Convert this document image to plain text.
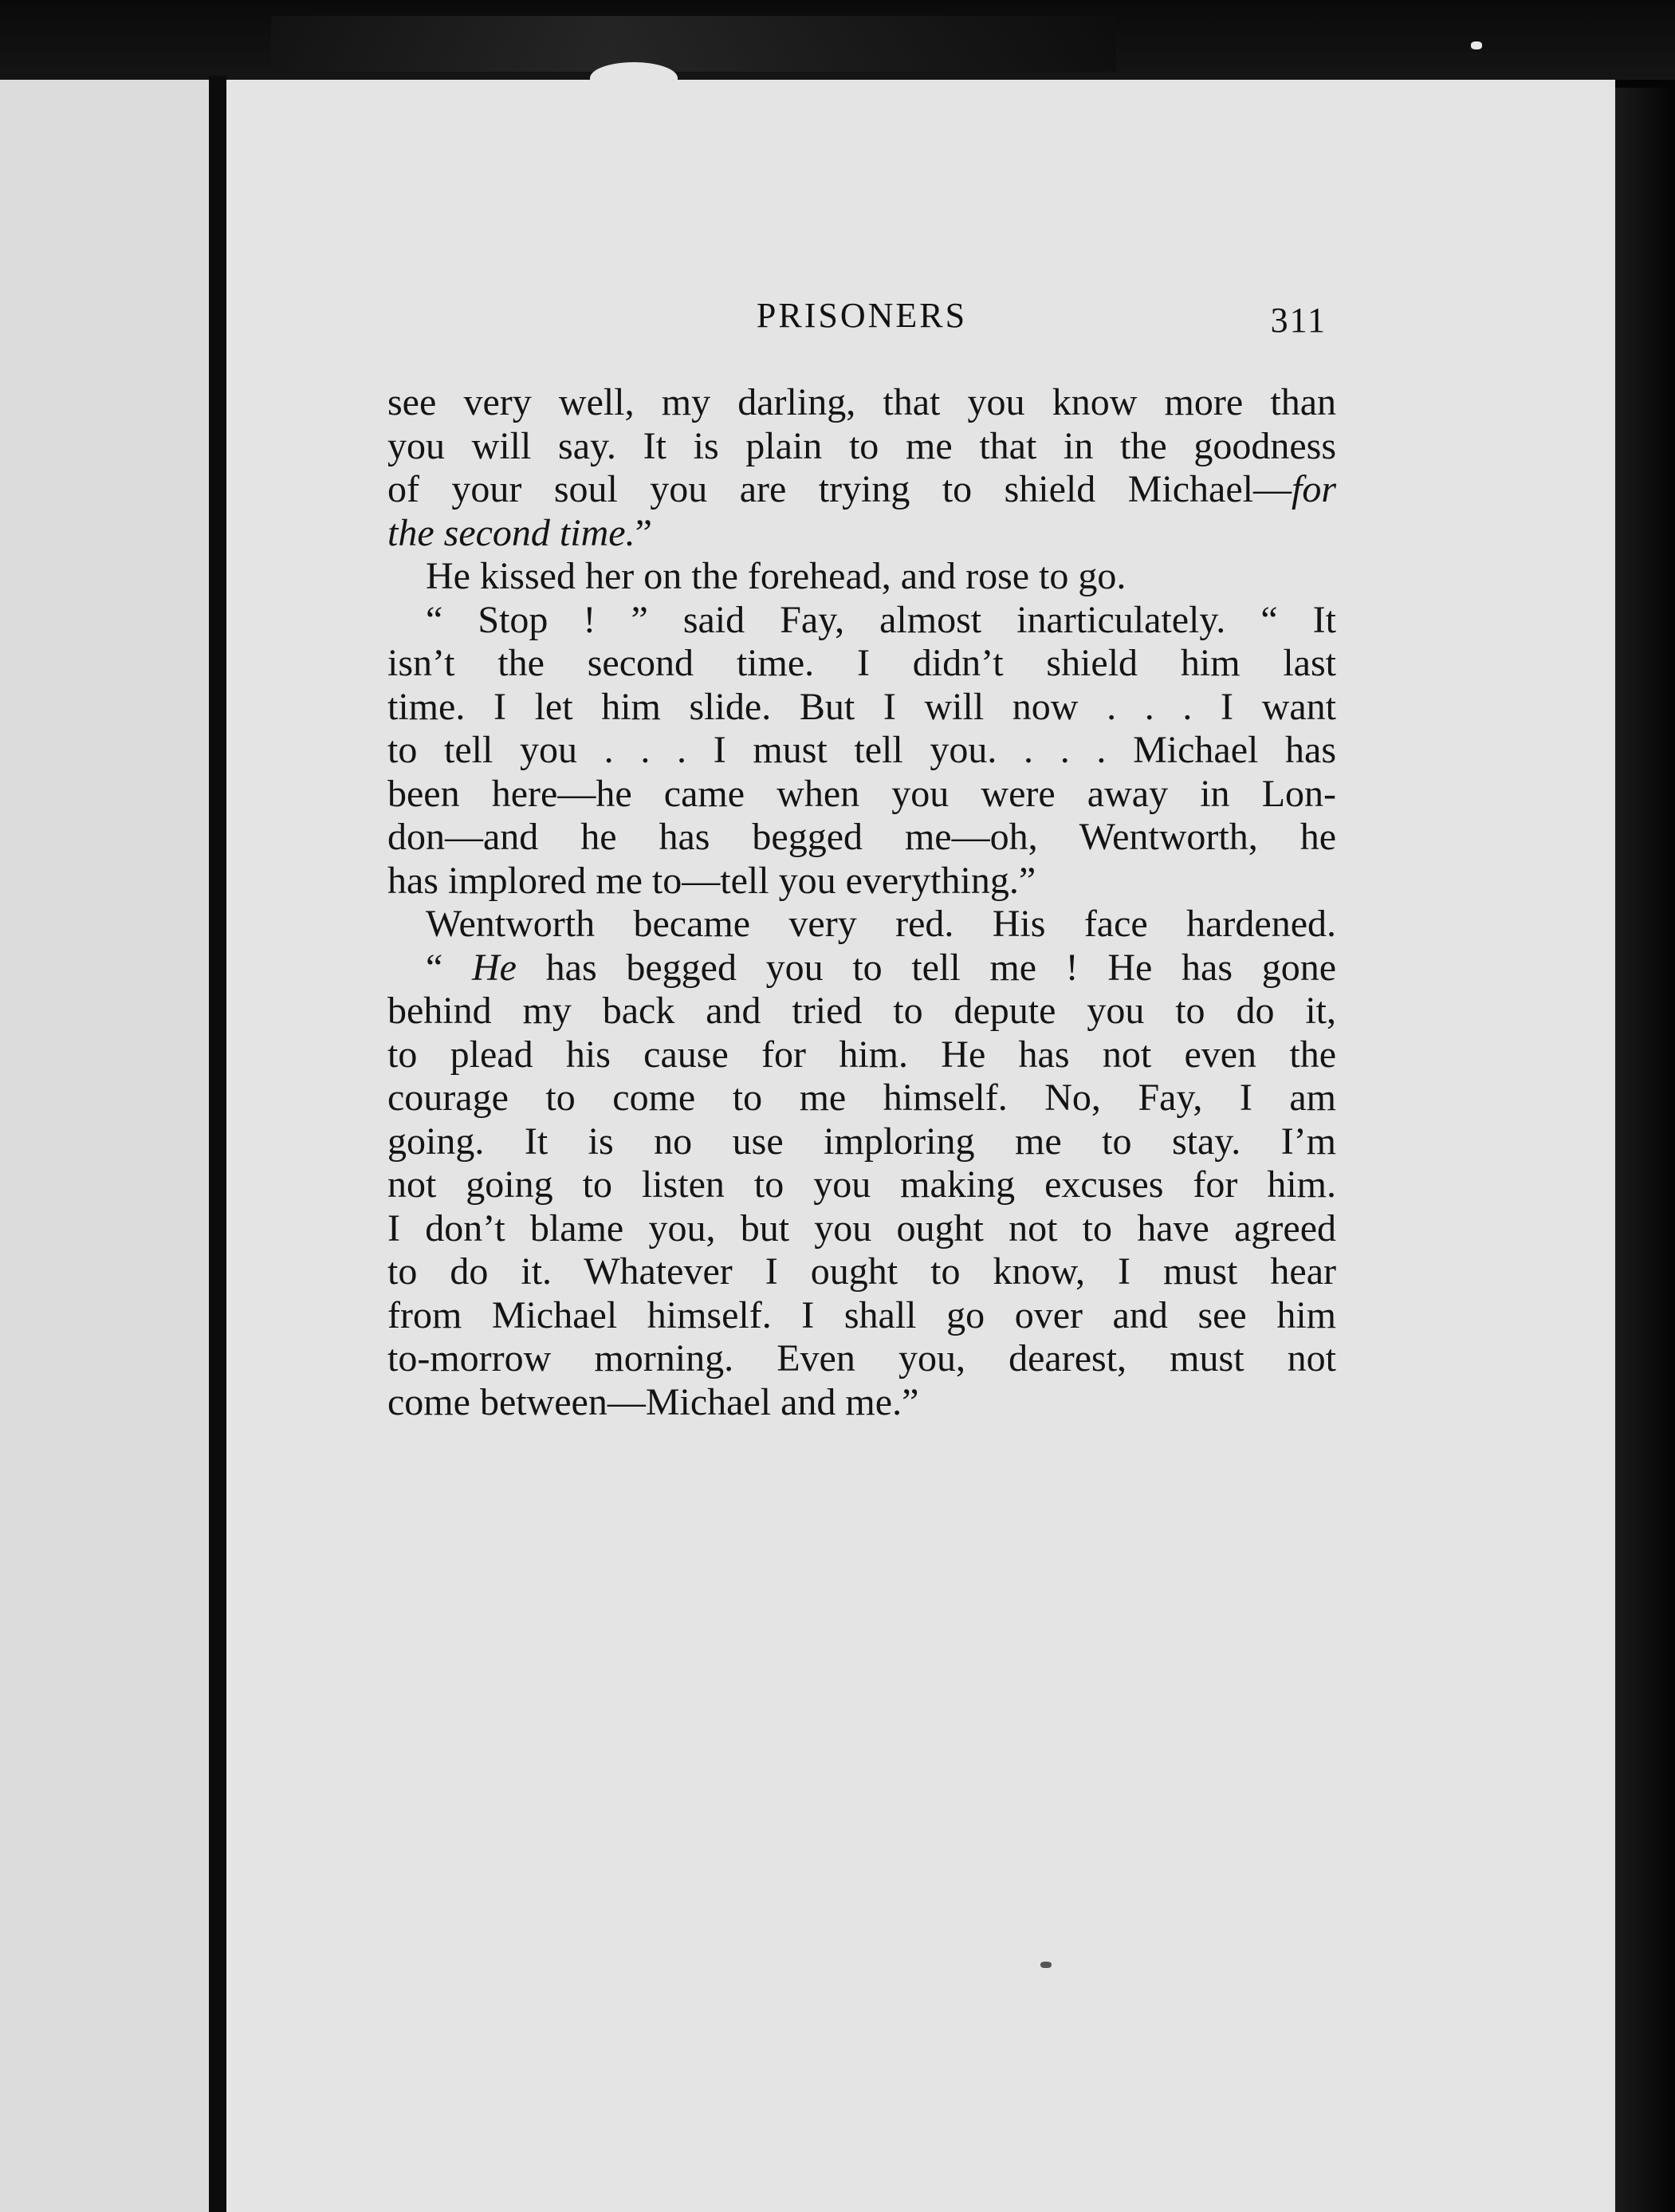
PRISONERS	311
see very well, my darling, that you know more than
you will say. It is plain to me that in the goodness
of your soul you are trying to shield Michael—for
the second time.”
He kissed her on the forehead, and rose to go.
“ Stop ! ” said Fay, almost inarticulately. “ It
isn’t the second time. I didn’t shield him last
time. I let him slide. But I will now . . . I want
to tell you . . . I must tell you. . . . Michael has
been here—he came when you were away in Lon-
don—and he has begged me—oh, Wentworth, he
has implored me to—tell you everything.”
Wentworth became very red. His face hardened.
“ He has begged you to tell me ! He has gone
behind my back and tried to depute you to do it,
to plead his cause for him. He has not even the
courage to come to me himself. No, Fay, I am
going. It is no use imploring me to stay. I’m
not going to listen to you making excuses for him.
I don’t blame you, but you ought not to have agreed
to do it. Whatever I ought to know, I must hear
from Michael himself. I shall go over and see him
to-morrow morning. Even you, dearest, must not
come between—Michael and me.”
